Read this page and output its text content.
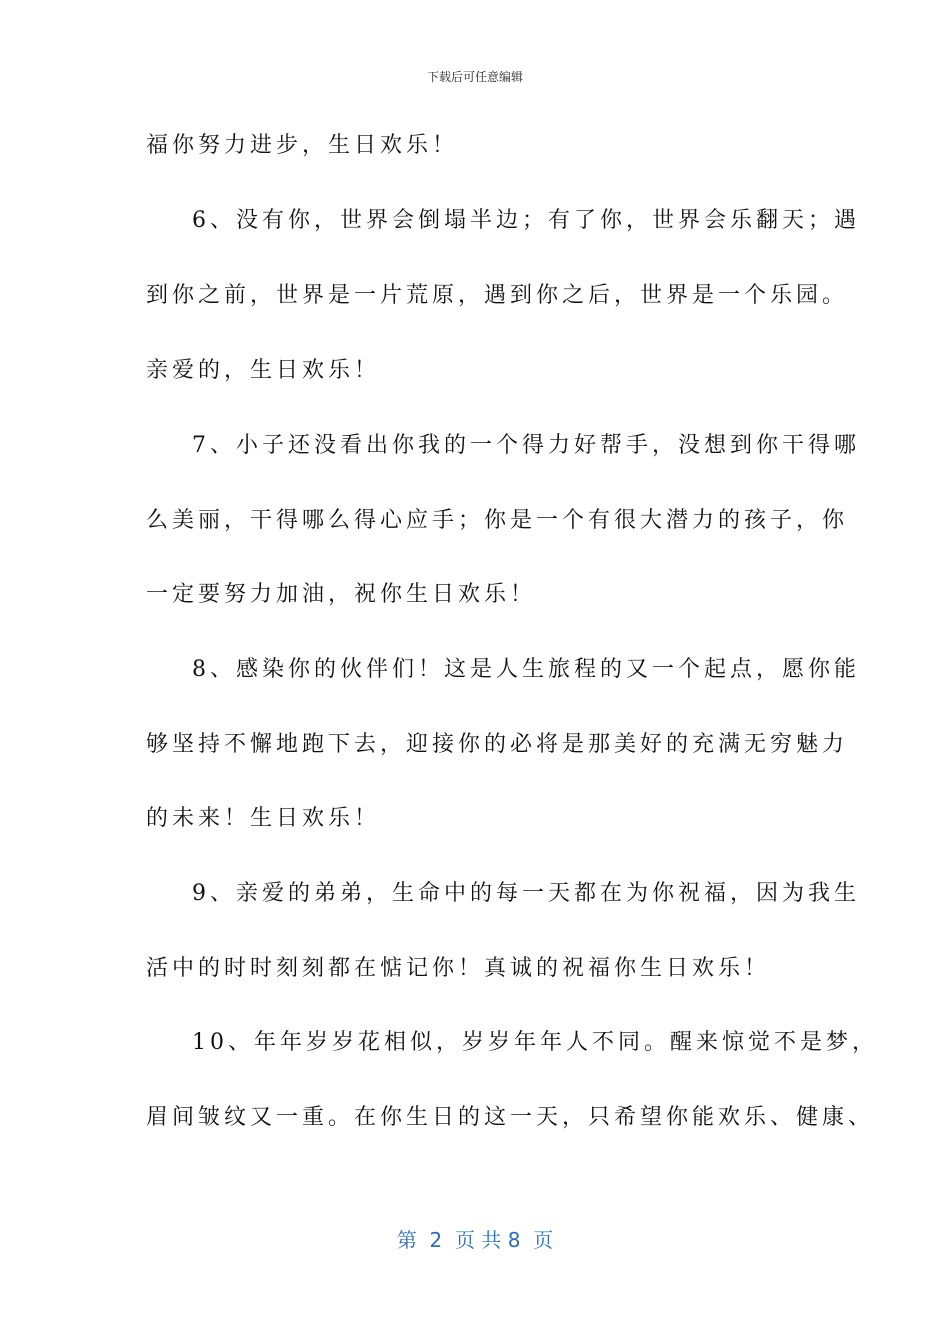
下载后可任意编辑
福你努力进步，生日欢乐！
6、没有你，世界会倒塌半边；有了你，世界会乐翻天；遇
到你之前，世界是一片荒原，遇到你之后，世界是一个乐园。
亲爱的，生日欢乐！
7、小子还没看出你我的一个得力好帮手，没想到你干得哪
么美丽，干得哪么得心应手；你是一个有很大潜力的孩子，你
一定要努力加油，祝你生日欢乐！
8、感染你的伙伴们！这是人生旅程的又一个起点，愿你能
够坚持不懈地跑下去，迎接你的必将是那美好的充满无穷魅力
的未来！生日欢乐！
9、亲爱的弟弟，生命中的每一天都在为你祝福，因为我生
活中的时时刻刻都在惦记你！真诚的祝福你生日欢乐！
10、年年岁岁花相似，岁岁年年人不同。醒来惊觉不是梦，
眉间皱纹又一重。在你生日的这一天，只希望你能欢乐、健康、
第  2  页 共 8  页
